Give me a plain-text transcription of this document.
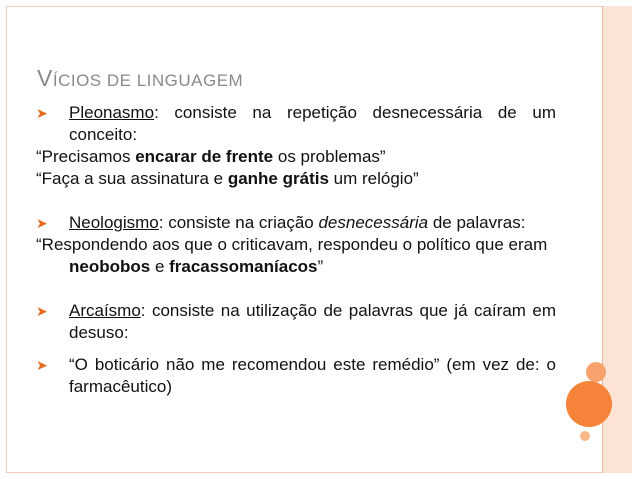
VÍCIOS DE LINGUAGEM
➤ Pleonasmo: consiste na repetição desnecessária de um conceito:
“Precisamos encarar de frente os problemas”
“Faça a sua assinatura e ganhe grátis um relógio”
➤ Neologismo: consiste na criação desnecessária de palavras:
“Respondendo aos que o criticavam, respondeu o político que eram neobobos e fracassomaníacos”
➤ Arcaísmo: consiste na utilização de palavras que já caíram em desuso:
➤ “O boticário não me recomendou este remédio” (em vez de: o farmacêutico)
